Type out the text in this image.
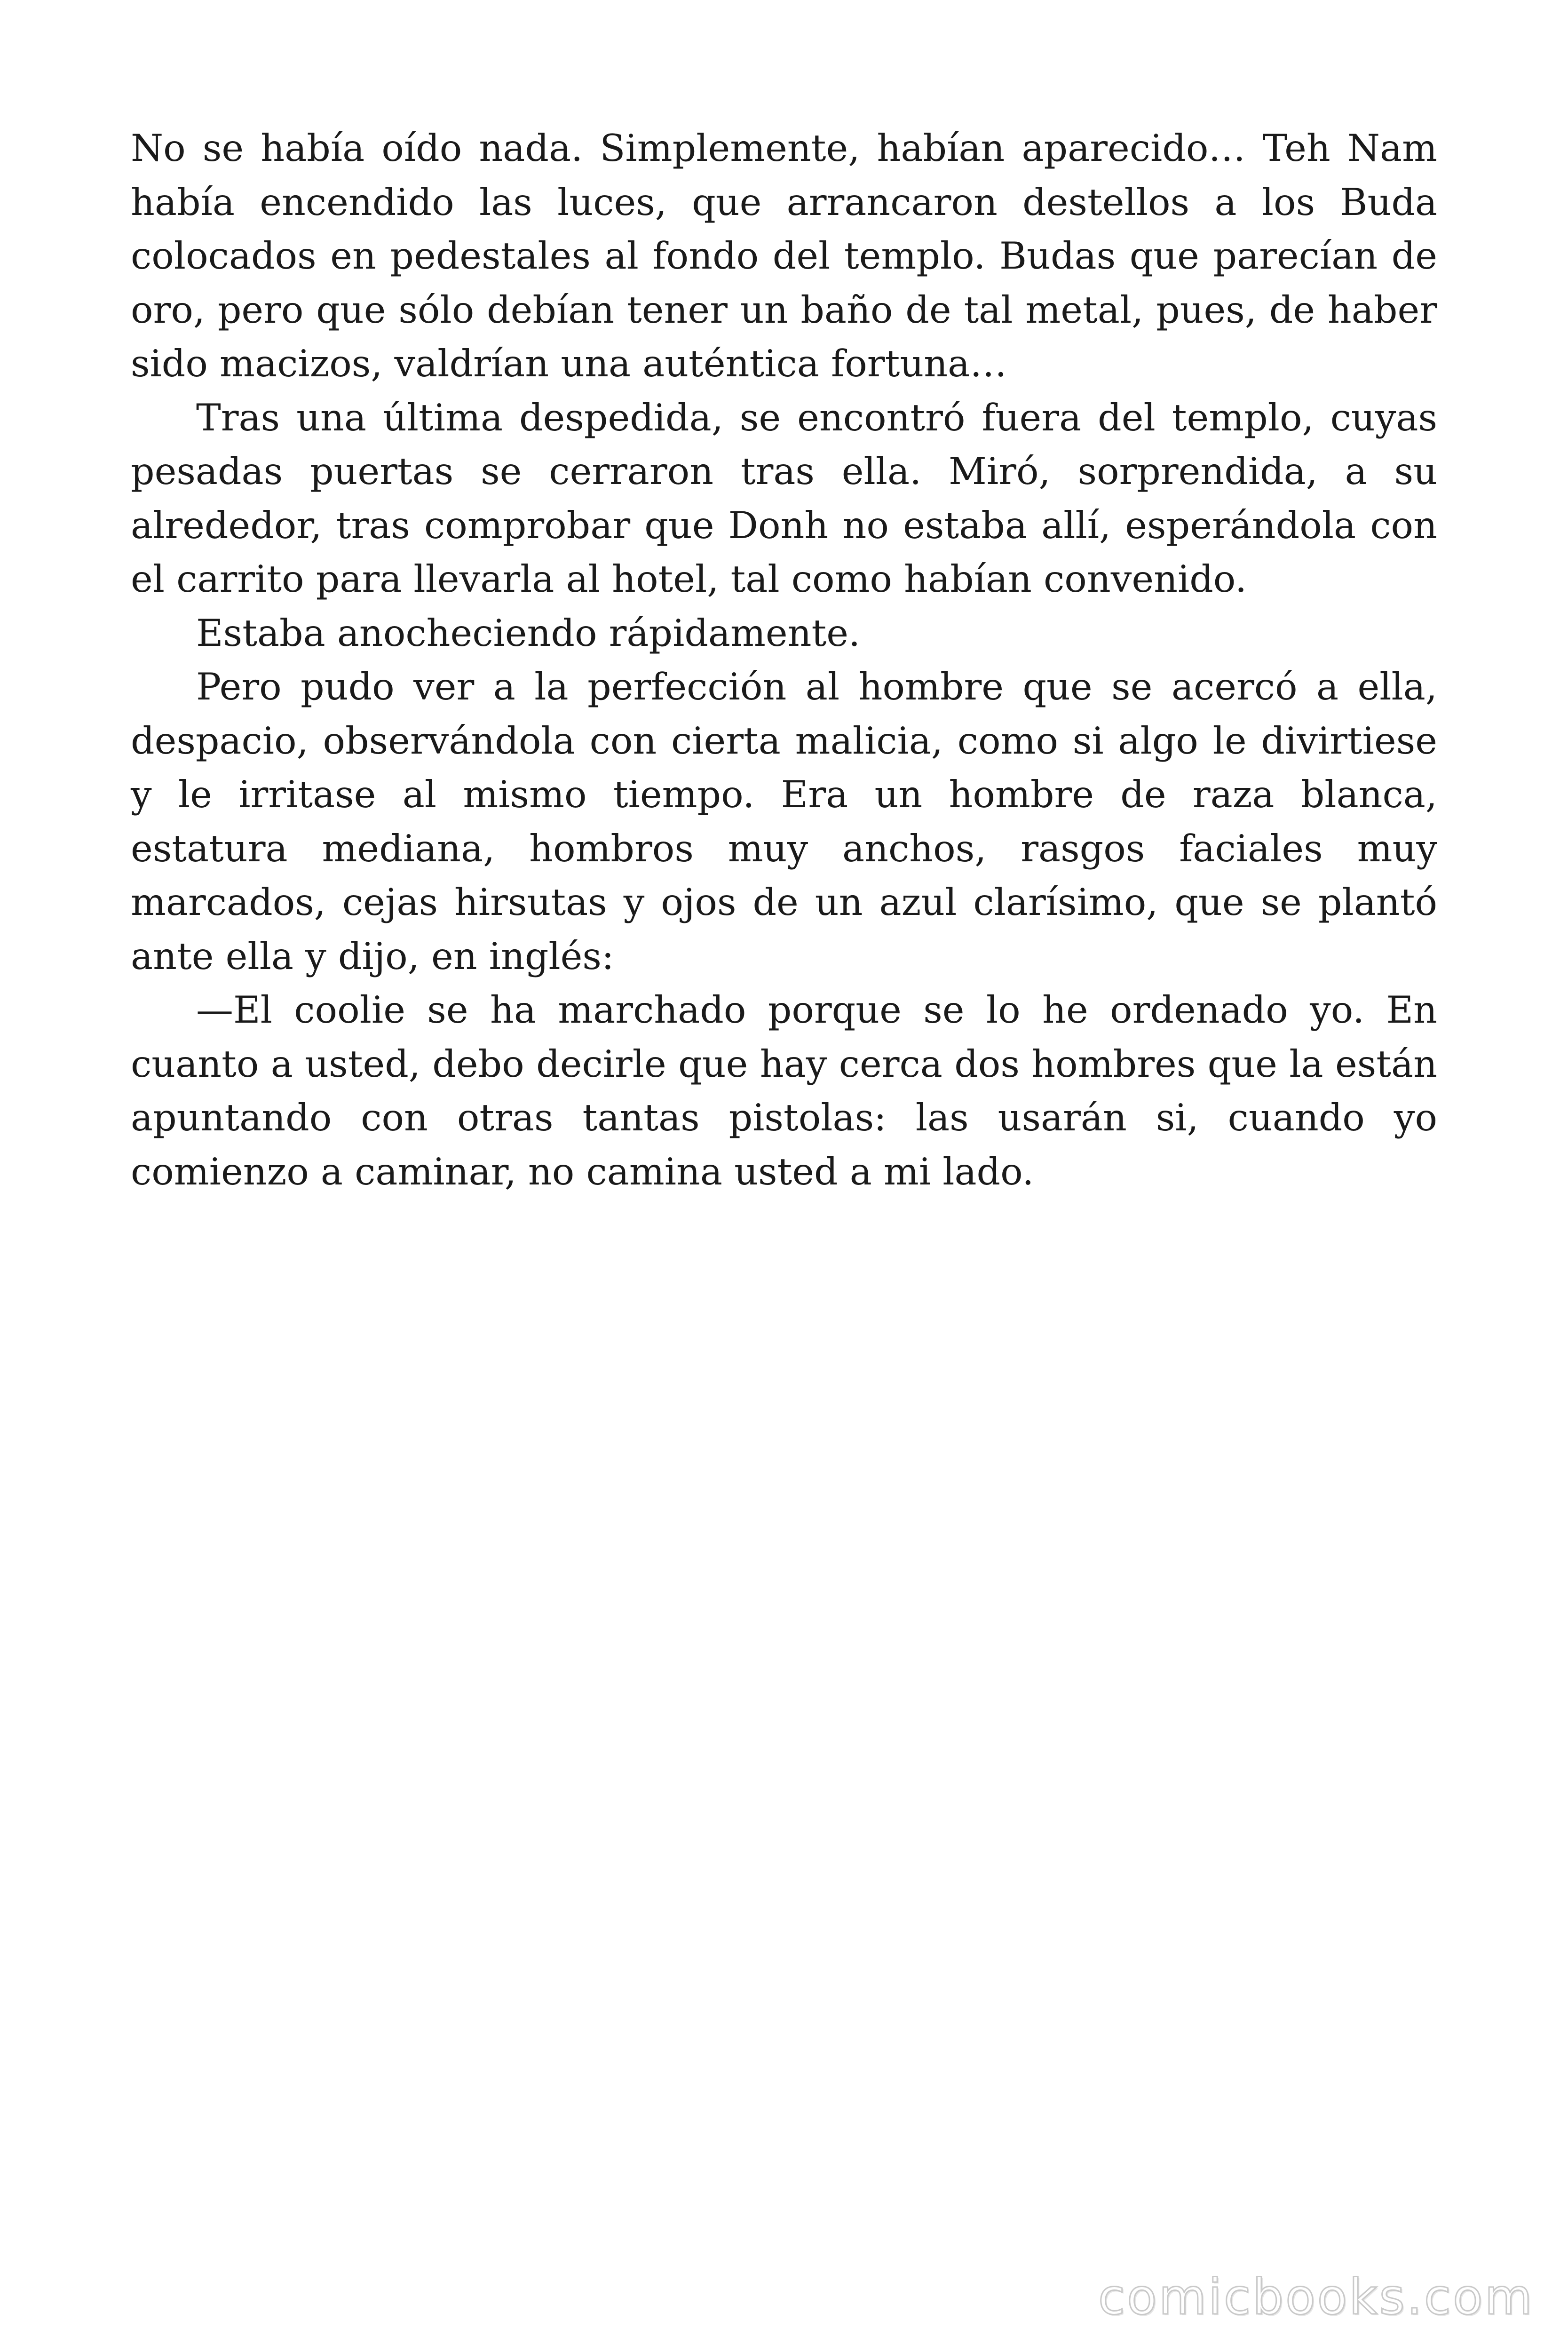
No se había oído nada. Simplemente, habían aparecido… Teh Nam había encendido las luces, que arrancaron destellos a los Buda colocados en pedestales al fondo del templo. Budas que parecían de oro, pero que sólo debían tener un baño de tal metal, pues, de haber sido macizos, valdrían una auténtica fortuna…

Tras una última despedida, se encontró fuera del templo, cuyas pesadas puertas se cerraron tras ella. Miró, sorprendida, a su alrededor, tras comprobar que Donh no estaba allí, esperándola con el carrito para llevarla al hotel, tal como habían convenido.

Estaba anocheciendo rápidamente.

Pero pudo ver a la perfección al hombre que se acercó a ella, despacio, observándola con cierta malicia, como si algo le divirtiese y le irritase al mismo tiempo. Era un hombre de raza blanca, estatura mediana, hombros muy anchos, rasgos faciales muy marcados, cejas hirsutas y ojos de un azul clarísimo, que se plantó ante ella y dijo, en inglés:

—El coolie se ha marchado porque se lo he ordenado yo. En cuanto a usted, debo decirle que hay cerca dos hombres que la están apuntando con otras tantas pistolas: las usarán si, cuando yo comienzo a caminar, no camina usted a mi lado.

comicbooks.com
